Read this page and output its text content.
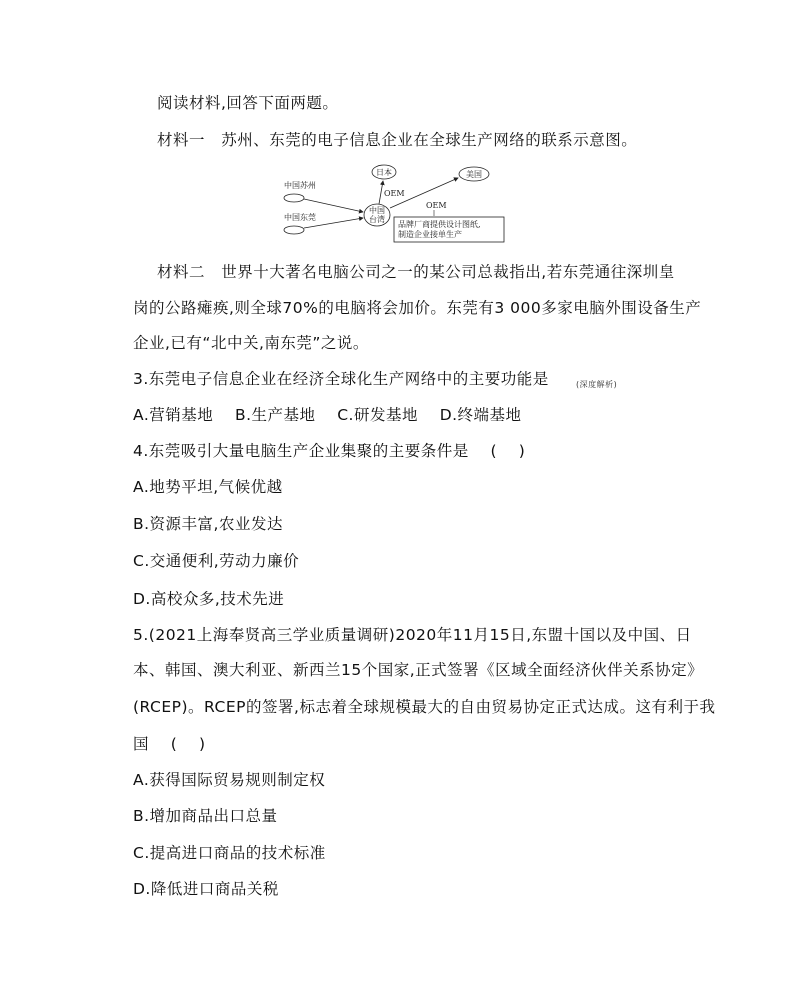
阅读材料,回答下面两题。
材料一   苏州、东莞的电子信息企业在全球生产网络的联系示意图。
中国苏州
中国东莞
中国
台湾
日本	美国
OEM
OEM
品牌厂商提供设计图纸,
制造企业接单生产
材料二   世界十大著名电脑公司之一的某公司总裁指出,若东莞通往深圳皇
岗的公路瘫痪,则全球70%的电脑将会加价。东莞有3 000多家电脑外围设备生产
企业,已有“北中关,南东莞”之说。
3.东莞电子信息企业在经济全球化生产网络中的主要功能是	(深度解析)
A.营销基地    B.生产基地    C.研发基地    D.终端基地
4.东莞吸引大量电脑生产企业集聚的主要条件是    (    )
A.地势平坦,气候优越
B.资源丰富,农业发达
C.交通便利,劳动力廉价
D.高校众多,技术先进
5.(2021上海奉贤高三学业质量调研)2020年11月15日,东盟十国以及中国、日
本、韩国、澳大利亚、新西兰15个国家,正式签署《区域全面经济伙伴关系协定》
(RCEP)。RCEP的签署,标志着全球规模最大的自由贸易协定正式达成。这有利于我
国    (    )
A.获得国际贸易规则制定权
B.增加商品出口总量
C.提高进口商品的技术标准
D.降低进口商品关税
